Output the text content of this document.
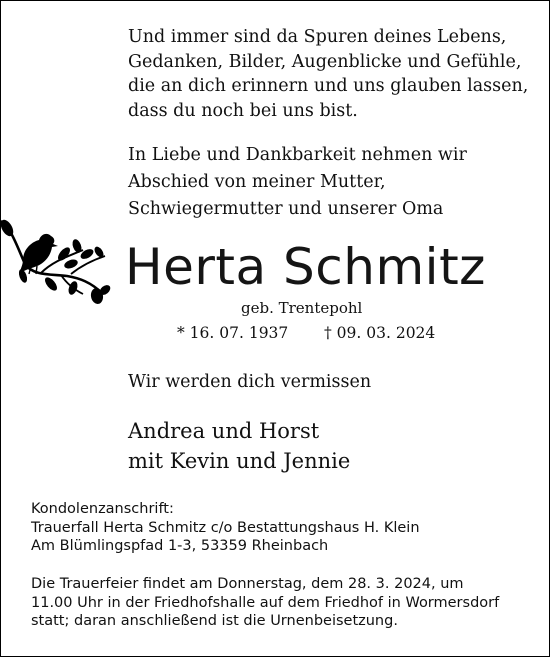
Und immer sind da Spuren deines Lebens,
Gedanken, Bilder, Augenblicke und Gefühle,
die an dich erinnern und uns glauben lassen,
dass du noch bei uns bist.
In Liebe und Dankbarkeit nehmen wir
Abschied von meiner Mutter,
Schwiegermutter und unserer Oma
Herta Schmitz
geb. Trentepohl
* 16. 07. 1937 † 09. 03. 2024
Wir werden dich vermissen
Andrea und Horst
mit Kevin und Jennie
Kondolenzanschrift:
Trauerfall Herta Schmitz c/o Bestattungshaus H. Klein
Am Blümlingspfad 1-3, 53359 Rheinbach
Die Trauerfeier findet am Donnerstag, dem 28. 3. 2024, um
11.00 Uhr in der Friedhofshalle auf dem Friedhof in Wormersdorf
statt; daran anschließend ist die Urnenbeisetzung.
